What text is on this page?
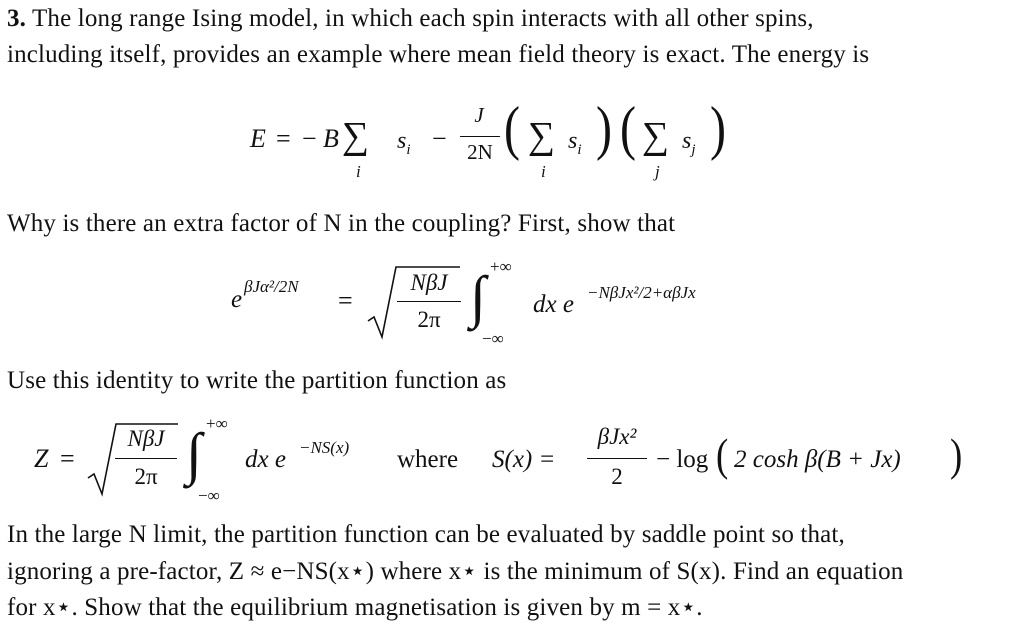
3. The long range Ising model, in which each spin interacts with all other spins,
including itself, provides an example where mean field theory is exact. The energy is
E = − B ∑
i
$s_i$ −
J
2N ( ∑
i
$s_i$ ) ( ∑
j
$s_j$ )
Why is there an extra factor of N in the coupling? First, show that
e βJα²/2N =
NβJ
2π ∫ +∞
−∞
dx e −NβJx²/2+αβJx
Use this identity to write the partition function as
Z =
NβJ
2π ∫ +∞
−∞
dx e −NS(x) where S(x) =
βJx²
2
− log ( 2 cosh β(B + Jx) )
In the large N limit, the partition function can be evaluated by saddle point so that,
ignoring a pre-factor, Z ≈ e−NS(x⋆) where x⋆ is the minimum of S(x). Find an equation
for x⋆. Show that the equilibrium magnetisation is given by m = x⋆.
